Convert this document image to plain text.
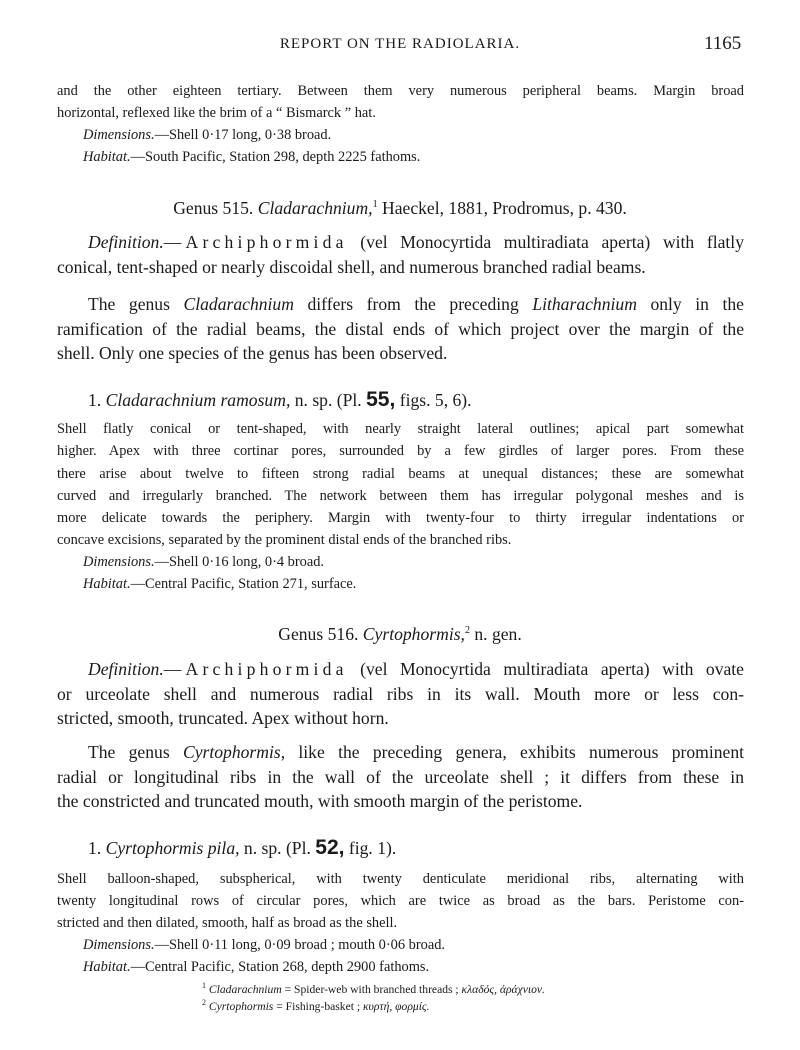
REPORT ON THE RADIOLARIA.	1165
and the other eighteen tertiary. Between them very numerous peripheral beams. Margin broad
horizontal, reflexed like the brim of a “ Bismarck ” hat.
Dimensions.—Shell 0·17 long, 0·38 broad.
Habitat.—South Pacific, Station 298, depth 2225 fathoms.
Genus 515. Cladarachnium,$^1$ Haeckel, 1881, Prodromus, p. 430.
Definition.—Archiphormida (vel Monocyrtida multiradiata aperta) with flatly
conical, tent-shaped or nearly discoidal shell, and numerous branched radial beams.
The genus Cladarachnium differs from the preceding Litharachnium only in the
ramification of the radial beams, the distal ends of which project over the margin of the
shell. Only one species of the genus has been observed.
1. Cladarachnium ramosum, n. sp. (Pl. 55, figs. 5, 6).
Shell flatly conical or tent-shaped, with nearly straight lateral outlines; apical part somewhat
higher. Apex with three cortinar pores, surrounded by a few girdles of larger pores. From these
there arise about twelve to fifteen strong radial beams at unequal distances; these are somewhat
curved and irregularly branched. The network between them has irregular polygonal meshes and is
more delicate towards the periphery. Margin with twenty-four to thirty irregular indentations or
concave excisions, separated by the prominent distal ends of the branched ribs.
Dimensions.—Shell 0·16 long, 0·4 broad.
Habitat.—Central Pacific, Station 271, surface.
Genus 516. Cyrtophormis,$^2$ n. gen.
Definition.—Archiphormida (vel Monocyrtida multiradiata aperta) with ovate
or urceolate shell and numerous radial ribs in its wall. Mouth more or less con-
stricted, smooth, truncated. Apex without horn.
The genus Cyrtophormis, like the preceding genera, exhibits numerous prominent
radial or longitudinal ribs in the wall of the urceolate shell ; it differs from these in
the constricted and truncated mouth, with smooth margin of the peristome.
1. Cyrtophormis pila, n. sp. (Pl. 52, fig. 1).
Shell balloon-shaped, subspherical, with twenty denticulate meridional ribs, alternating with
twenty longitudinal rows of circular pores, which are twice as broad as the bars. Peristome con-
stricted and then dilated, smooth, half as broad as the shell.
Dimensions.—Shell 0·11 long, 0·09 broad ; mouth 0·06 broad.
Habitat.—Central Pacific, Station 268, depth 2900 fathoms.
$^1$ Cladarachnium = Spider-web with branched threads ; κλαδός, ἀράχνιον.
$^2$ Cyrtophormis = Fishing-basket ; κυρτή, φορμίς.
